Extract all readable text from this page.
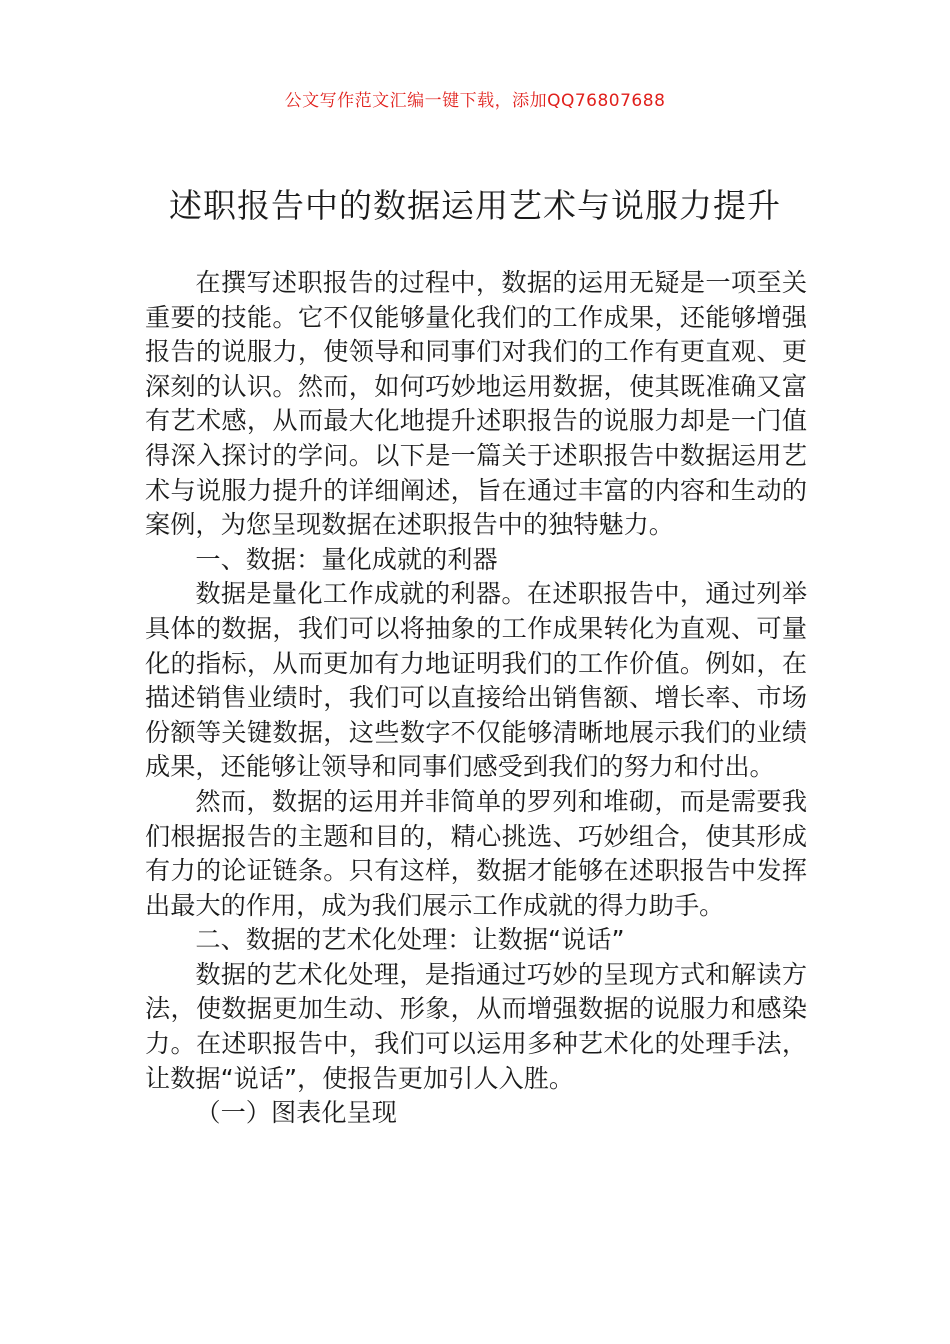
公文写作范文汇编一键下载，添加QQ76807688
述职报告中的数据运用艺术与说服力提升

在撰写述职报告的过程中，数据的运用无疑是一项至关重要的技能。它不仅能够量化我们的工作成果，还能够增强报告的说服力，使领导和同事们对我们的工作有更直观、更深刻的认识。然而，如何巧妙地运用数据，使其既准确又富有艺术感，从而最大化地提升述职报告的说服力却是一门值得深入探讨的学问。以下是一篇关于述职报告中数据运用艺术与说服力提升的详细阐述，旨在通过丰富的内容和生动的案例，为您呈现数据在述职报告中的独特魅力。

一、数据：量化成就的利器

数据是量化工作成就的利器。在述职报告中，通过列举具体的数据，我们可以将抽象的工作成果转化为直观、可量化的指标，从而更加有力地证明我们的工作价值。例如，在描述销售业绩时，我们可以直接给出销售额、增长率、市场份额等关键数据，这些数字不仅能够清晰地展示我们的业绩成果，还能够让领导和同事们感受到我们的努力和付出。

然而，数据的运用并非简单的罗列和堆砌，而是需要我们根据报告的主题和目的，精心挑选、巧妙组合，使其形成有力的论证链条。只有这样，数据才能够在述职报告中发挥出最大的作用，成为我们展示工作成就的得力助手。

二、数据的艺术化处理：让数据“说话”

数据的艺术化处理，是指通过巧妙的呈现方式和解读方法，使数据更加生动、形象，从而增强数据的说服力和感染力。在述职报告中，我们可以运用多种艺术化的处理手法，让数据“说话”，使报告更加引人入胜。

（一）图表化呈现
